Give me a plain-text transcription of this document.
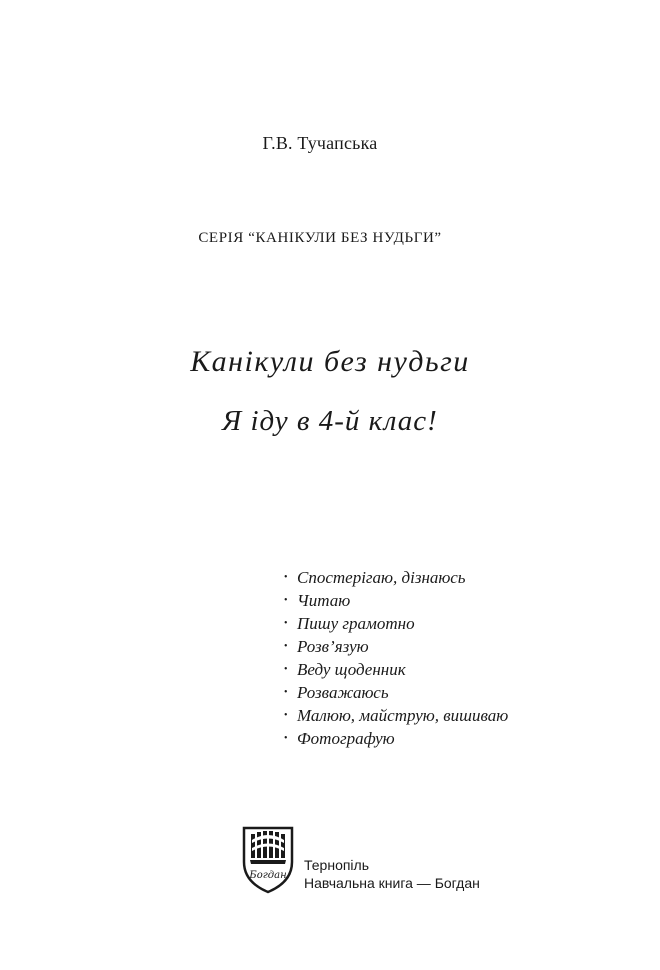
Г.В. Тучапська
СЕРІЯ “КАНІКУЛИ БЕЗ НУДЬГИ”
Канікули без нудьги
Я іду в 4-й клас!
• Спостерігаю, дізнаюсь
• Читаю
• Пишу грамотно
• Розв’язую
• Веду щоденник
• Розважаюсь
• Малюю, майструю, вишиваю
• Фотографую
Богдан
Тернопіль
Навчальна книга — Богдан
